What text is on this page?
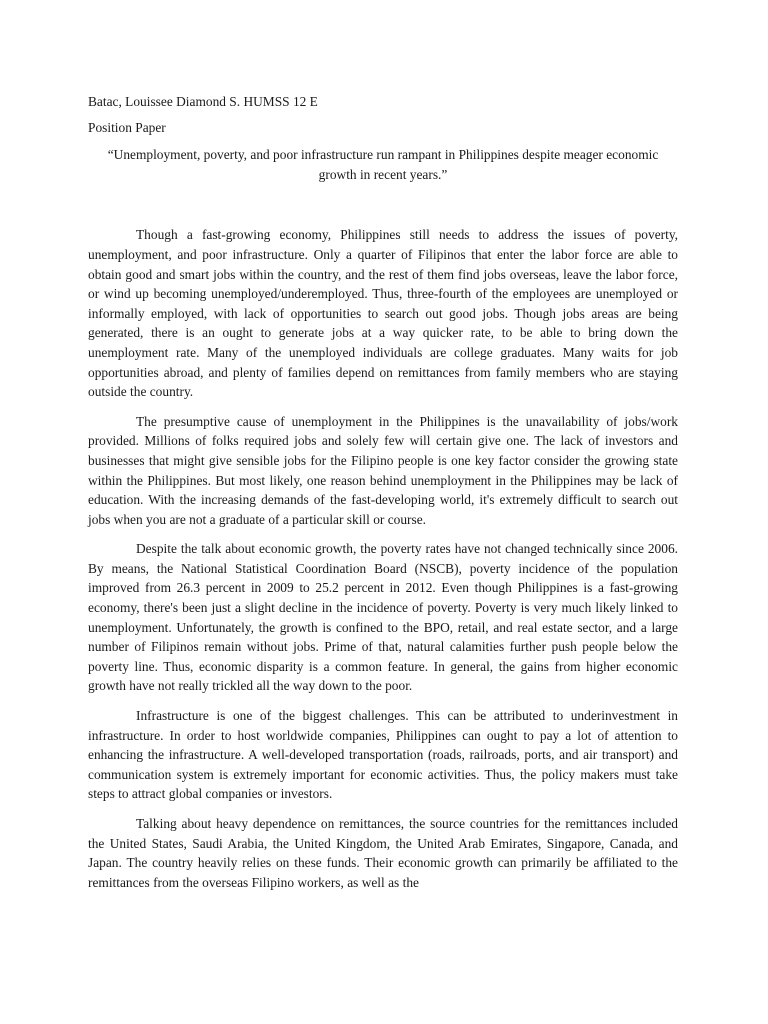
Batac, Louissee Diamond S. HUMSS 12 E
Position Paper
“Unemployment, poverty, and poor infrastructure run rampant in Philippines despite meager economic growth in recent years.”

Though a fast-growing economy, Philippines still needs to address the issues of poverty, unemployment, and poor infrastructure. Only a quarter of Filipinos that enter the labor force are able to obtain good and smart jobs within the country, and the rest of them find jobs overseas, leave the labor force, or wind up becoming unemployed/underemployed. Thus, three-fourth of the employees are unemployed or informally employed, with lack of opportunities to search out good jobs. Though jobs areas are being generated, there is an ought to generate jobs at a way quicker rate, to be able to bring down the unemployment rate. Many of the unemployed individuals are college graduates. Many waits for job opportunities abroad, and plenty of families depend on remittances from family members who are staying outside the country.

The presumptive cause of unemployment in the Philippines is the unavailability of jobs/work provided. Millions of folks required jobs and solely few will certain give one. The lack of investors and businesses that might give sensible jobs for the Filipino people is one key factor consider the growing state within the Philippines. But most likely, one reason behind unemployment in the Philippines may be lack of education. With the increasing demands of the fast-developing world, it's extremely difficult to search out jobs when you are not a graduate of a particular skill or course.

Despite the talk about economic growth, the poverty rates have not changed technically since 2006. By means, the National Statistical Coordination Board (NSCB), poverty incidence of the population improved from 26.3 percent in 2009 to 25.2 percent in 2012. Even though Philippines is a fast-growing economy, there's been just a slight decline in the incidence of poverty. Poverty is very much likely linked to unemployment. Unfortunately, the growth is confined to the BPO, retail, and real estate sector, and a large number of Filipinos remain without jobs. Prime of that, natural calamities further push people below the poverty line. Thus, economic disparity is a common feature. In general, the gains from higher economic growth have not really trickled all the way down to the poor.

Infrastructure is one of the biggest challenges. This can be attributed to underinvestment in infrastructure. In order to host worldwide companies, Philippines can ought to pay a lot of attention to enhancing the infrastructure. A well-developed transportation (roads, railroads, ports, and air transport) and communication system is extremely important for economic activities. Thus, the policy makers must take steps to attract global companies or investors.

Talking about heavy dependence on remittances, the source countries for the remittances included the United States, Saudi Arabia, the United Kingdom, the United Arab Emirates, Singapore, Canada, and Japan. The country heavily relies on these funds. Their economic growth can primarily be affiliated to the remittances from the overseas Filipino workers, as well as the
